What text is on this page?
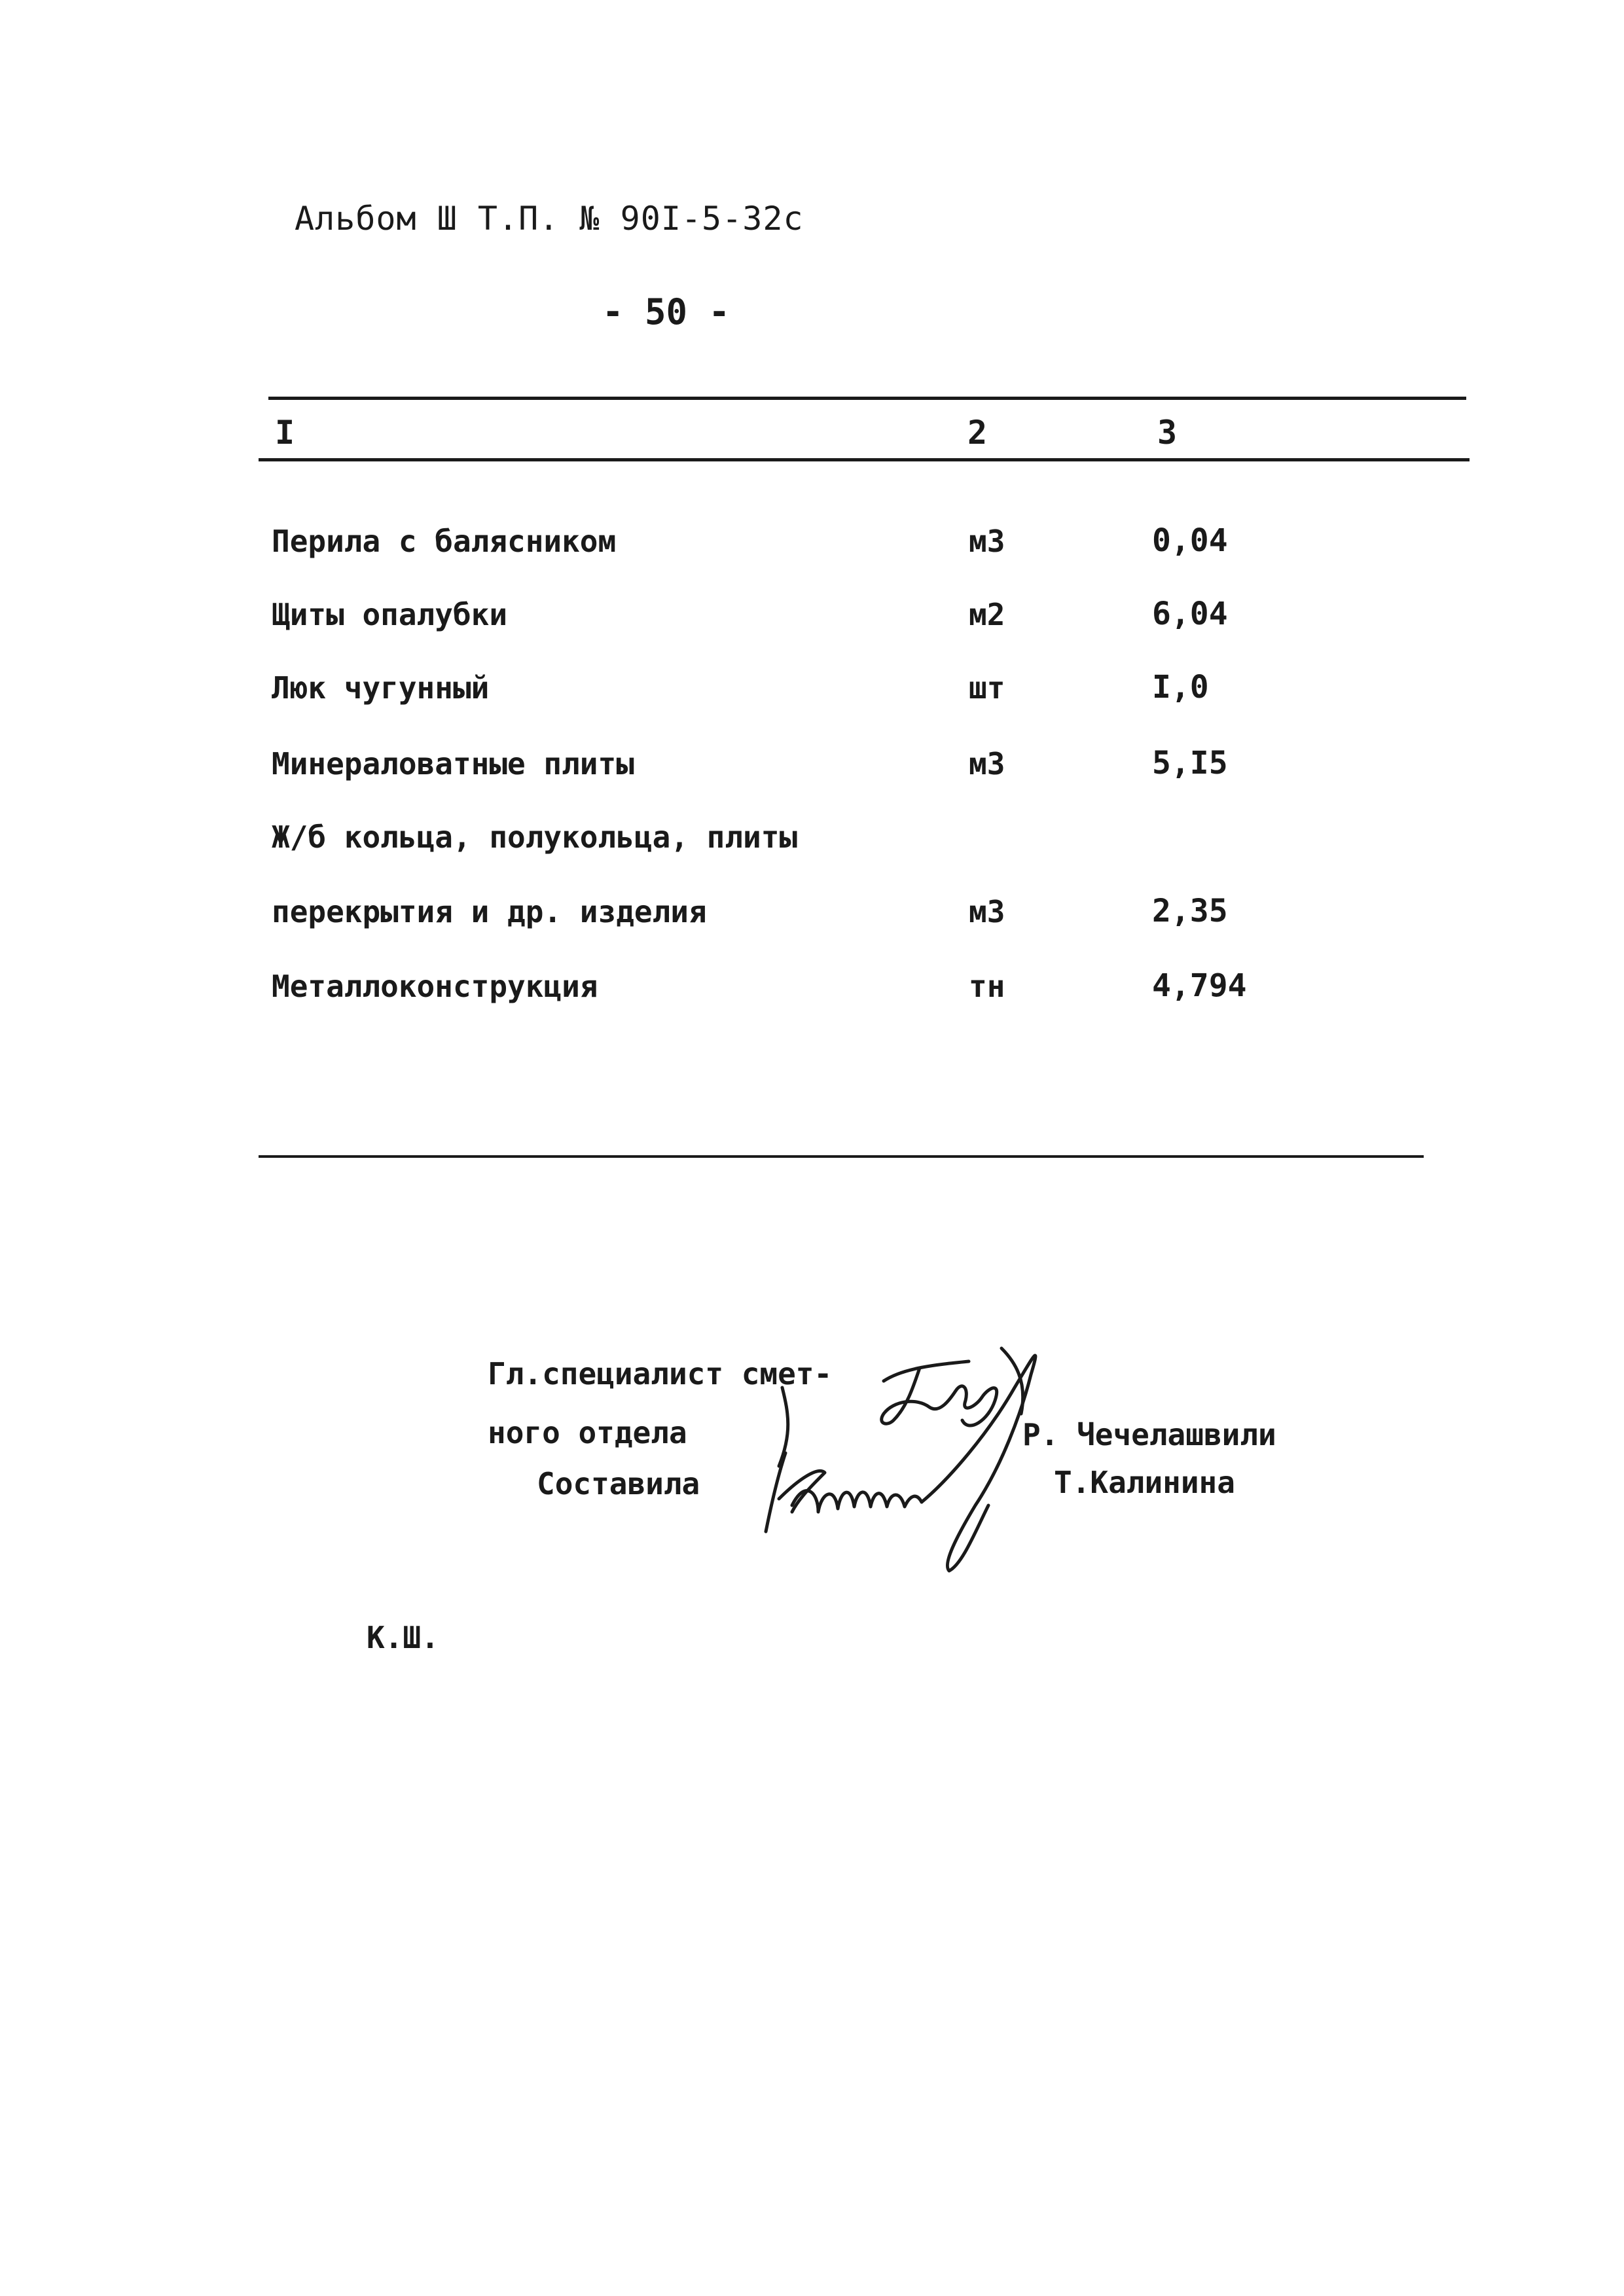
Альбом Ш Т.П. № 90I-5-32с
- 50 -
I	2	3
Перила с балясником	м3	0,04
Щиты опалубки	м2	6,04
Люк чугунный	шт	I,0
Минераловатные плиты	м3	5,I5
Ж/б кольца, полукольца, плиты
перекрытия и др. изделия	м3	2,35
Металлоконструкция	тн	4,794
Гл.специалист смет-
ного отдела
Составила
Р. Чечелашвили
Т.Калинина
К.Ш.
